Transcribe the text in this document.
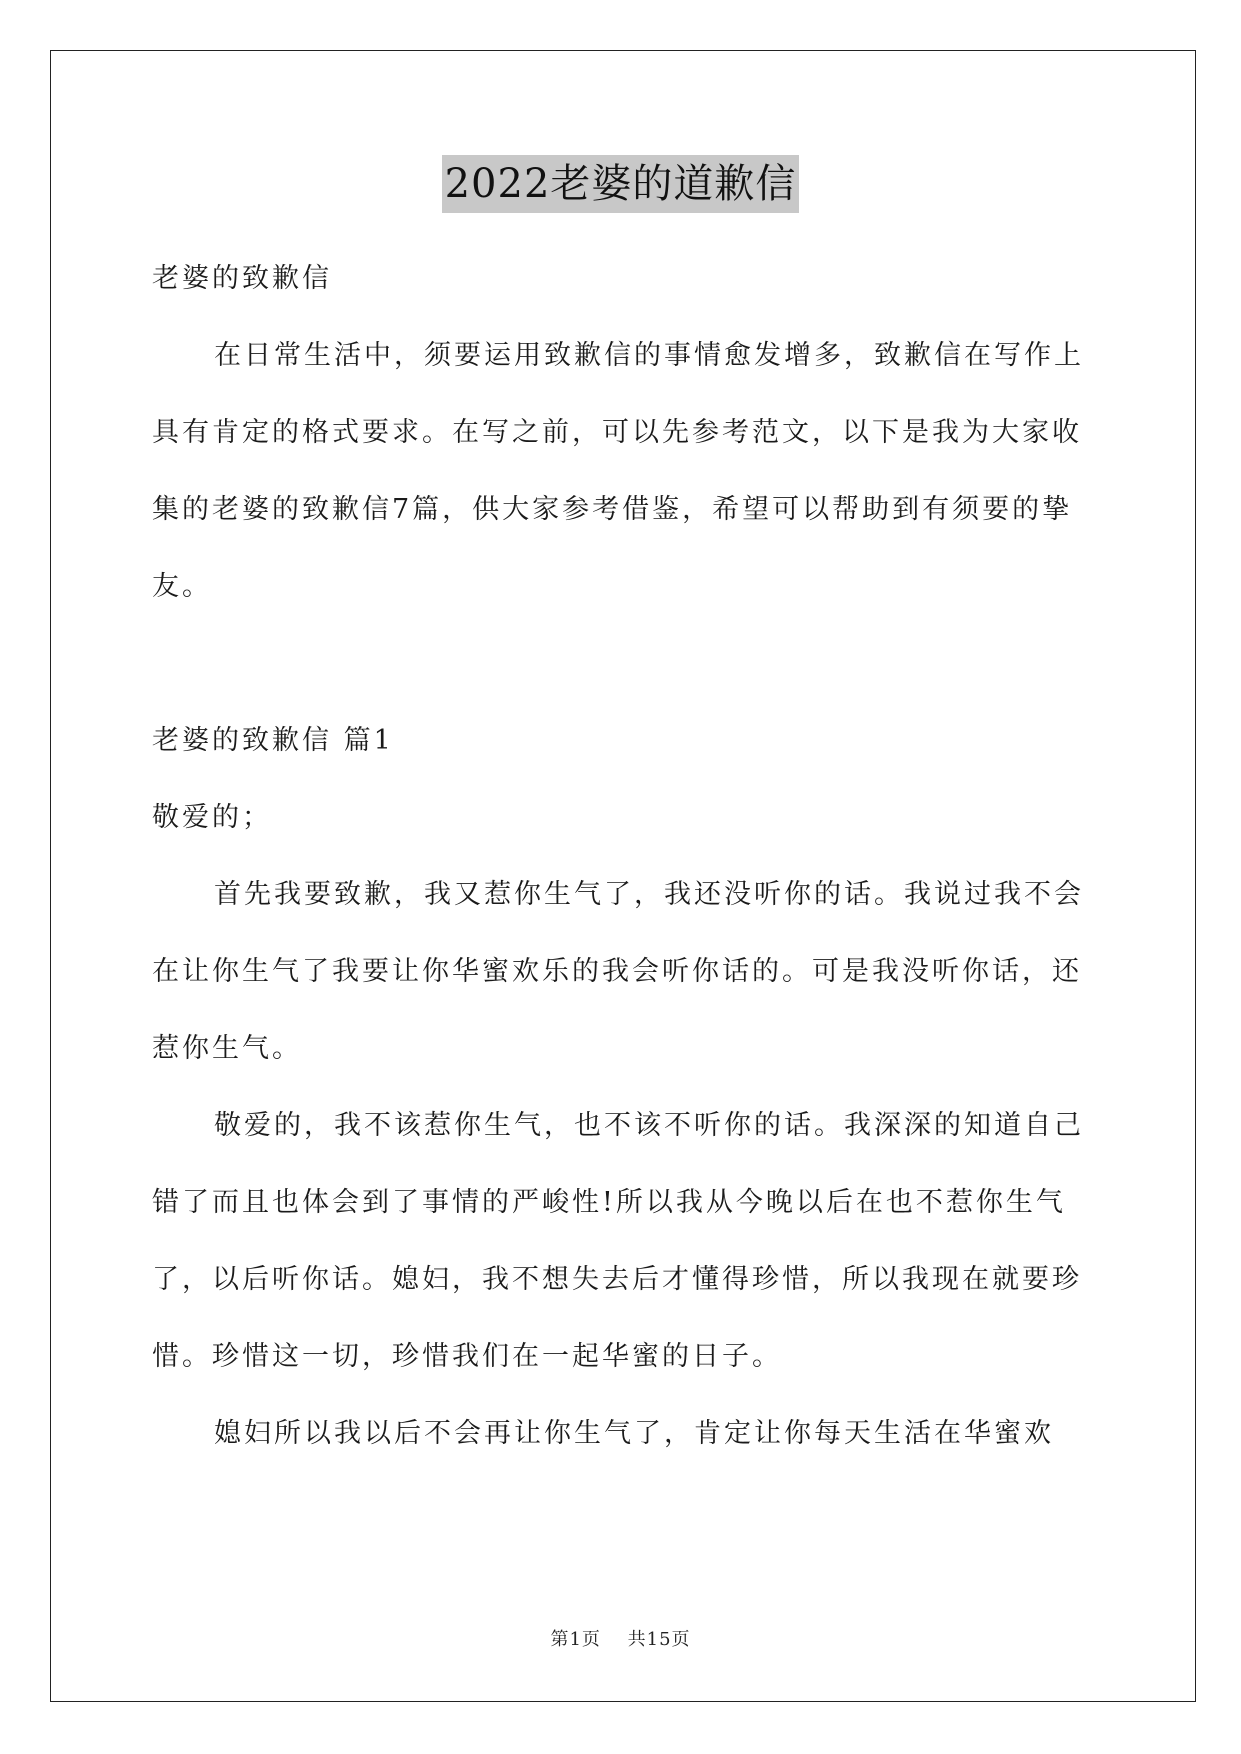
2022老婆的道歉信

老婆的致歉信

在日常生活中，须要运用致歉信的事情愈发增多，致歉信在写作上具有肯定的格式要求。在写之前，可以先参考范文，以下是我为大家收集的老婆的致歉信7篇，供大家参考借鉴，希望可以帮助到有须要的挚友。

老婆的致歉信 篇1

敬爱的；

首先我要致歉，我又惹你生气了，我还没听你的话。我说过我不会在让你生气了我要让你华蜜欢乐的我会听你话的。可是我没听你话，还惹你生气。

敬爱的，我不该惹你生气，也不该不听你的话。我深深的知道自己错了而且也体会到了事情的严峻性!所以我从今晚以后在也不惹你生气了，以后听你话。媳妇，我不想失去后才懂得珍惜，所以我现在就要珍惜。珍惜这一切，珍惜我们在一起华蜜的日子。

媳妇所以我以后不会再让你生气了，肯定让你每天生活在华蜜欢

第1页 共15页
